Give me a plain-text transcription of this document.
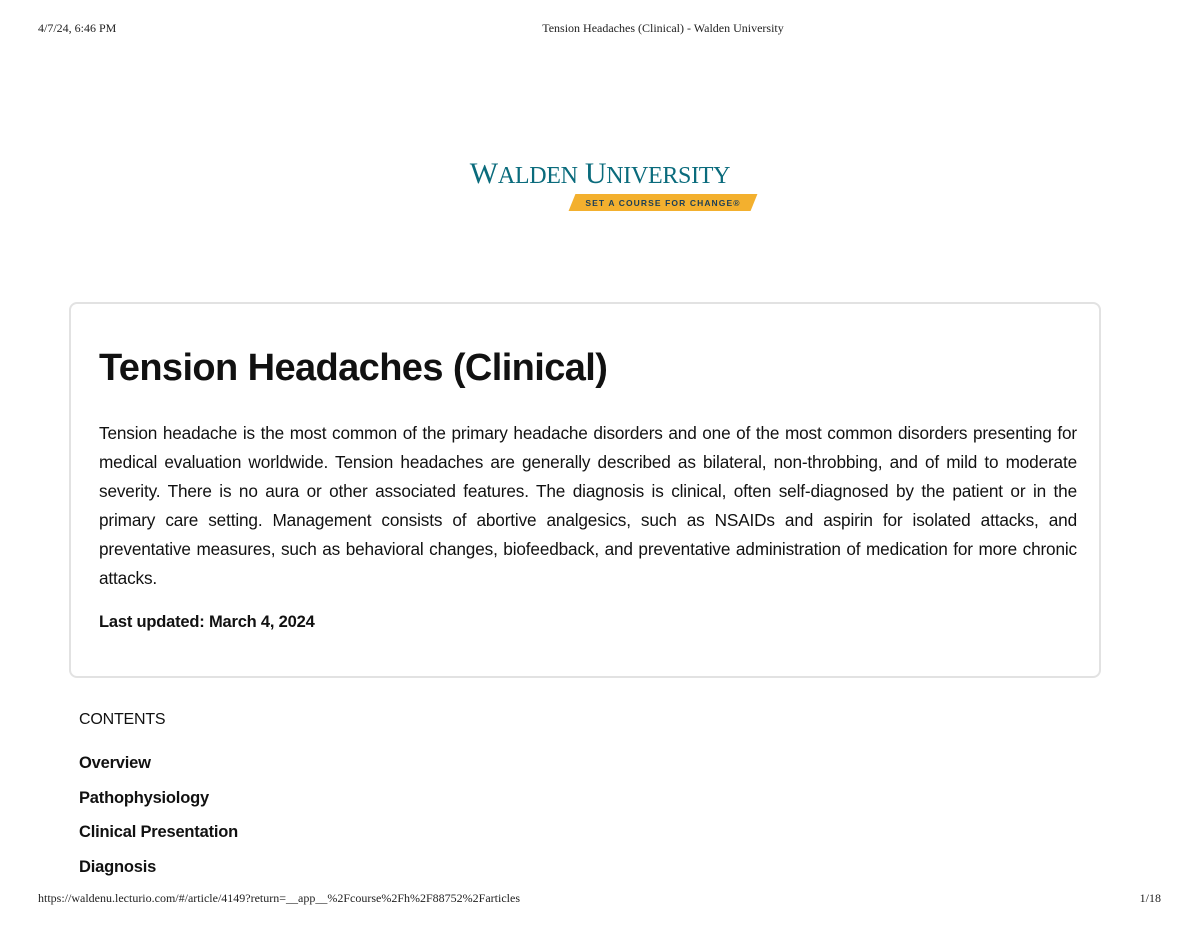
4/7/24, 6:46 PM	Tension Headaches (Clinical) - Walden University
WALDEN UNIVERSITY
SET A COURSE FOR CHANGE®
Tension Headaches (Clinical)

Tension headache is the most common of the primary headache disorders and one of the most common disorders presenting for medical evaluation worldwide. Tension headaches are generally described as bilateral, non-throbbing, and of mild to moderate severity. There is no aura or other associated features. The diagnosis is clinical, often self-diagnosed by the patient or in the primary care setting. Management consists of abortive analgesics, such as NSAIDs and aspirin for isolated attacks, and preventative measures, such as behavioral changes, biofeedback, and preventative administration of medication for more chronic attacks.

Last updated: March 4, 2024

CONTENTS
Overview
Pathophysiology
Clinical Presentation
Diagnosis
https://waldenu.lecturio.com/#/article/4149?return=__app__%2Fcourse%2Fh%2F88752%2Farticles	1/18
